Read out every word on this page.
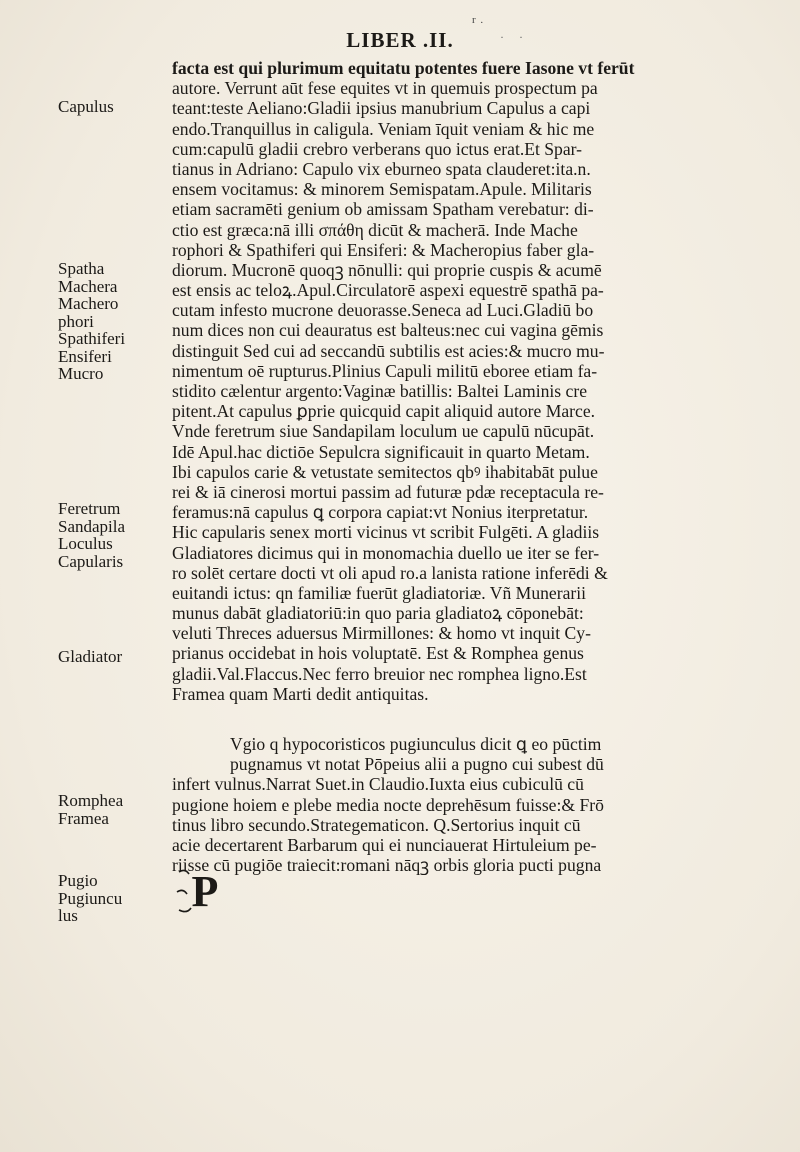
LIBER .II.
r .
· ·
Capulus
Spatha
Machera
Machero
phori
Spathiferi
Ensiferi
Mucro
Feretrum
Sandapila
Loculus
Capularis
Gladiator
Romphea
Framea
Pugio
Pugiuncu
lus
facta est qui plurimum equitatu potentes fuere Iasone vt ferūt
autore. Verrunt aūt fese equites vt in quemuis prospectum pa
teant:teste Aeliano:Gladii ipsius manubrium Capulus a capi
endo.Tranquillus in caligula. Veniam īquit veniam & hic me
cum:capulū gladii crebro verberans quo ictus erat.Et Spar-
tianus in Adriano: Capulo vix eburneo spata clauderet:ita.n.
ensem vocitamus: & minorem Semispatam.Apule. Militaris
etiam sacramēti genium ob amissam Spatham verebatur: di-
ctio est græca:nā illi σπάθη dicūt & macherā. Inde Mache
rophori & Spathiferi qui Ensiferi: & Macheropius faber gla-
diorum. Mucronē quoqꝫ nōnulli: qui proprie cuspis & acumē
est ensis ac teloꝝ.Apul.Circulatorē aspexi equestrē spathā pa-
cutam infesto mucrone deuorasse.Seneca ad Luci.Gladiū bo
num dices non cui deauratus est balteus:nec cui vagina gēmis
distinguit Sed cui ad seccandū subtilis est acies:& mucro mu-
nimentum oē rupturus.Plinius Capuli militū eboree etiam fa-
stidito cælentur argento:Vaginæ batillis: Baltei Laminis cre
pitent.At capulus ꝑprie quicquid capit aliquid autore Marce.
Vnde feretrum siue Sandapilam loculum ue capulū nūcupāt.
Idē Apul.hac dictiōe Sepulcra significauit in quarto Metam.
Ibi capulos carie & vetustate semitectos qbꝰ ihabitabāt pulue
rei & iā cinerosi mortui passim ad futuræ pdæ receptacula re-
feramus:nā capulus ꝗ corpora capiat:vt Nonius iterpretatur.
Hic capularis senex morti vicinus vt scribit Fulgēti. A gladiis
Gladiatores dicimus qui in monomachia duello ue iter se fer-
ro solēt certare docti vt oli apud ro.a lanista ratione inferēdi &
euitandi ictus: qn familiæ fuerūt gladiatoriæ. Vñ Munerarii
munus dabāt gladiatoriū:in quo paria gladiatoꝝ cōponebāt:
veluti Threces aduersus Mirmillones: & homo vt inquit Cy-
prianus occidebat in hois voluptatē. Est & Romphea genus
gladii.Val.Flaccus.Nec ferro breuior nec romphea ligno.Est
Framea quam Marti dedit antiquitas.
Vgio q hypocoristicos pugiunculus dicit ꝗ eo pūctim
pugnamus vt notat Pōpeius alii a pugno cui subest dū
infert vulnus.Narrat Suet.in Claudio.Iuxta eius cubiculū cū
pugione hoiem e plebe media nocte deprehēsum fuisse:& Frō
tinus libro secundo.Strategematicon. Q.Sertorius inquit cū
acie decertarent Barbarum qui ei nunciauerat Hirtuleium pe-
riisse cū pugiōe traiecit:romani nāqꝫ orbis gloria pucti pugna
P
